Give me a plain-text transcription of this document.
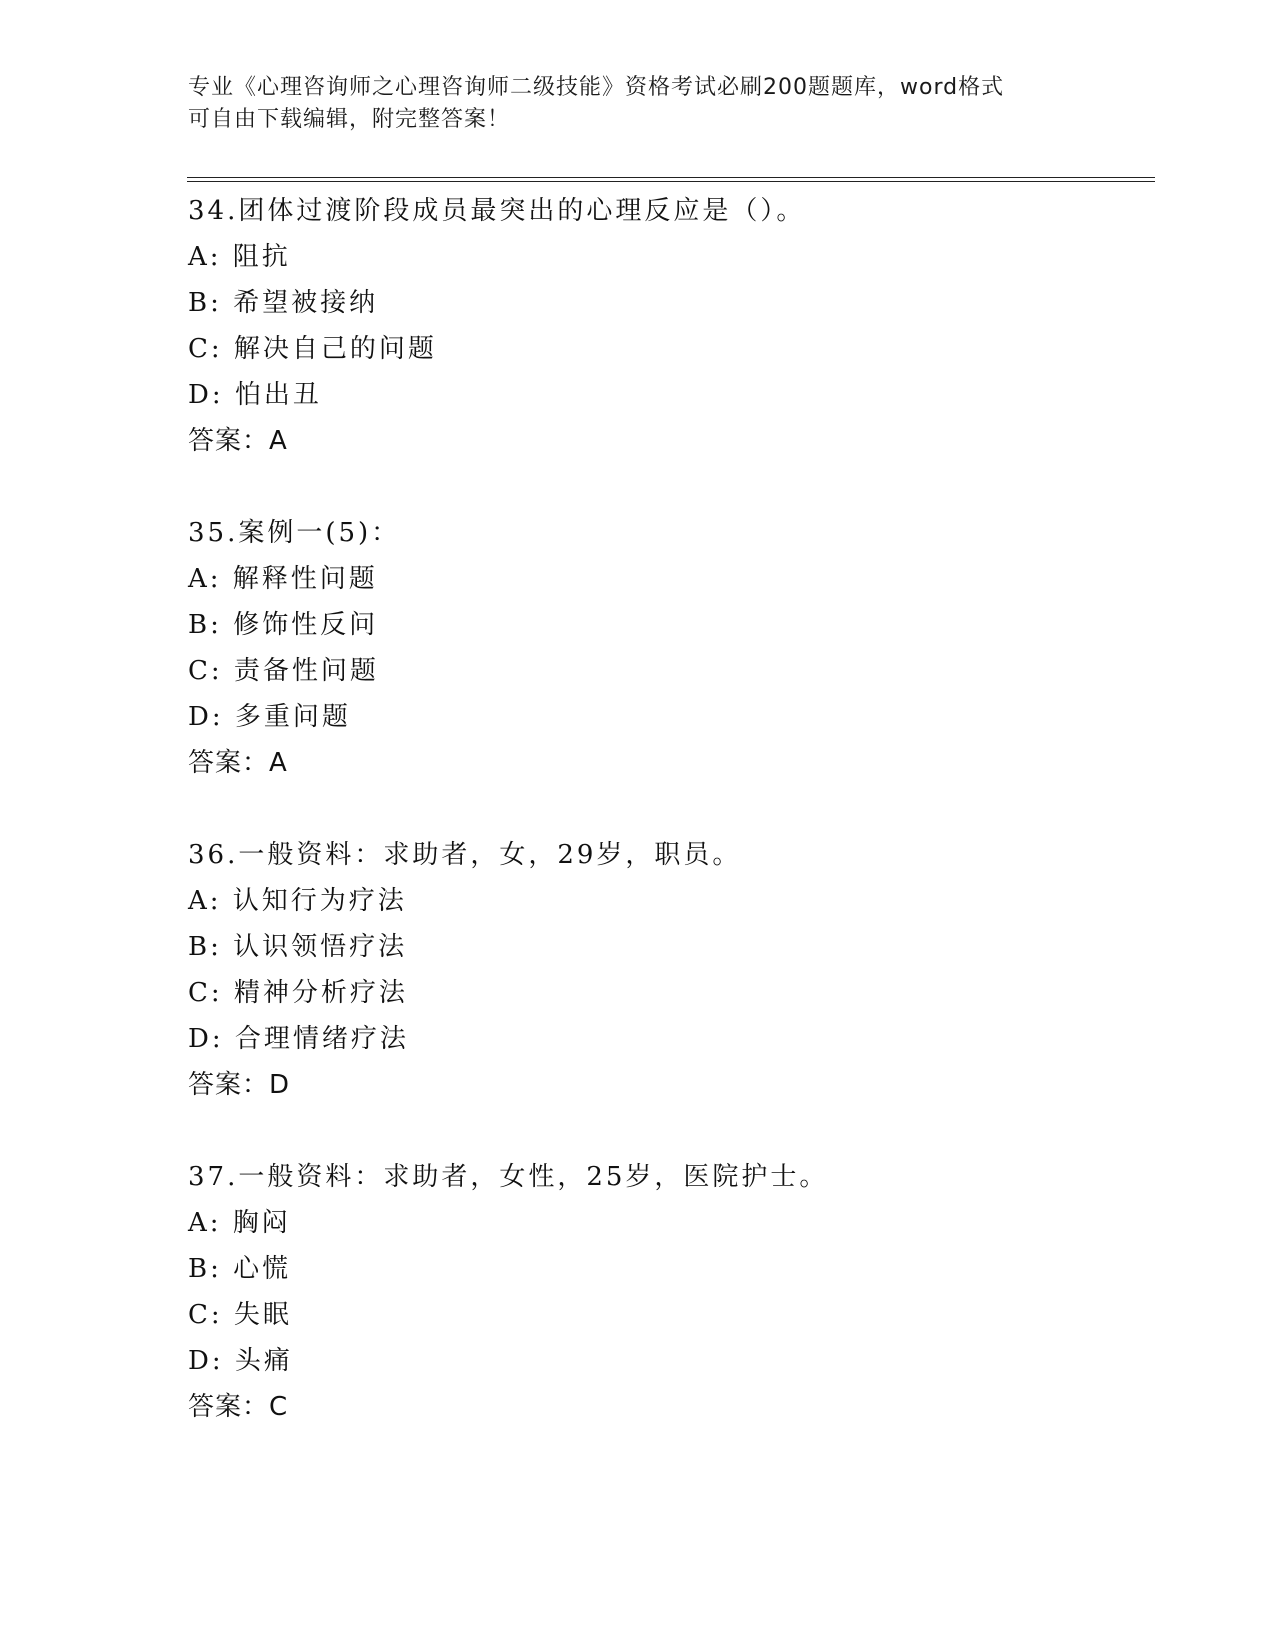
专业《心理咨询师之心理咨询师二级技能》资格考试必刷200题题库，word格式
可自由下载编辑，附完整答案！
34.团体过渡阶段成员最突出的心理反应是（）。
A: 阻抗
B: 希望被接纳
C: 解决自己的问题
D: 怕出丑
答案：A
35.案例一(5)：
A: 解释性问题
B: 修饰性反问
C: 责备性问题
D: 多重问题
答案：A
36.一般资料：求助者，女，29岁，职员。
A: 认知行为疗法
B: 认识领悟疗法
C: 精神分析疗法
D: 合理情绪疗法
答案：D
37.一般资料：求助者，女性，25岁，医院护士。
A: 胸闷
B: 心慌
C: 失眠
D: 头痛
答案：C
